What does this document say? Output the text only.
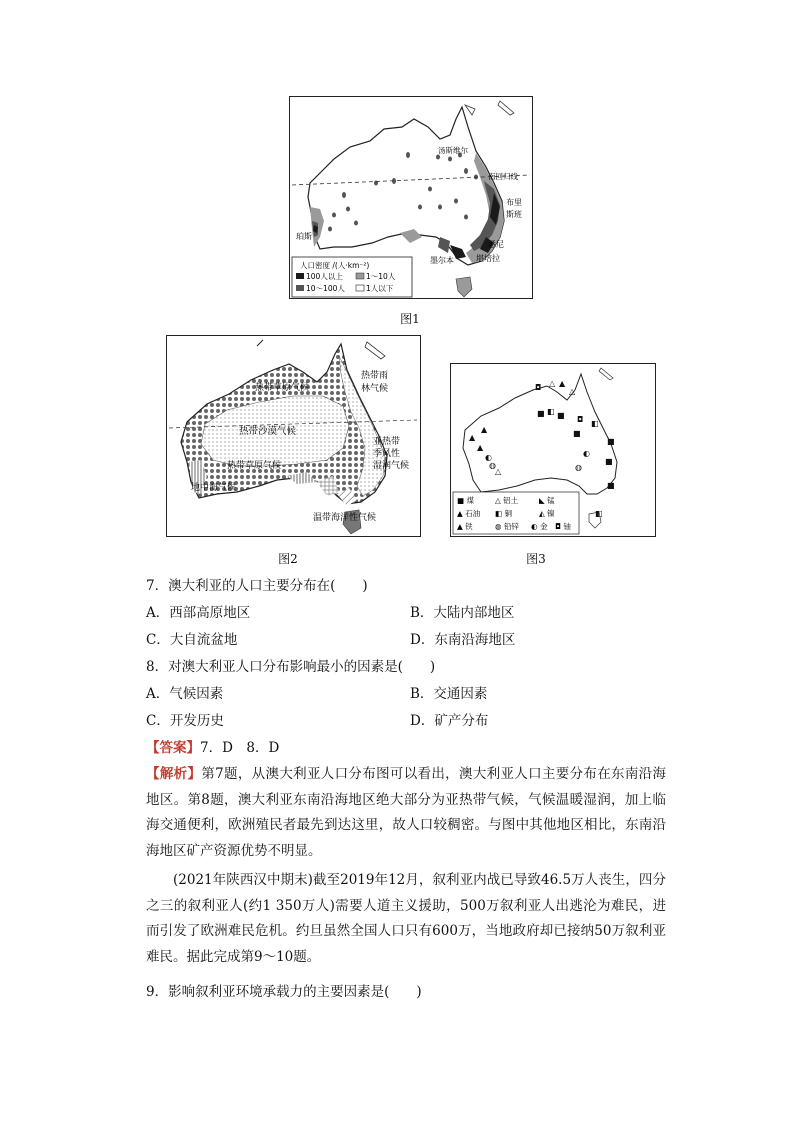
汤斯维尔
南回归线
布里
斯班
珀斯
悉尼
墨尔本	堪培拉
人口密度 /(人·km⁻²)
100人以上	1～10人
10～100人	1人以下
图1
热带草原气候
热带雨
林气候
热带沙漠气候
亚热带
季风性
湿润气候
热带草原气候
地中海气候
温带海洋性气候
图2
◘ △ ▲
△
■ ◧ ■ ◘ ◧
■
■
◐
▲
▲
▲
◐
◍
△	◍
■
■
◧
■ 煤	△ 铝土	◣ 锰
▲ 石油 ◧ 铜	◭ 镍
▲ 铁	◍ 铅锌 ◐ 金 ◘ 铀
图3
7．澳大利亚的人口主要分布在(　　)
A．西部高原地区	B．大陆内部地区
C．大自流盆地	D．东南沿海地区
8．对澳大利亚人口分布影响最小的因素是(　　)
A．气候因素	B．交通因素
C．开发历史	D．矿产分布
【答案】7．D　8．D
【解析】第7题，从澳大利亚人口分布图可以看出，澳大利亚人口主要分布在东南沿海地区。第8题，澳大利亚东南沿海地区绝大部分为亚热带气候，气候温暖湿润，加上临海交通便利，欧洲殖民者最先到达这里，故人口较稠密。与图中其他地区相比，东南沿海地区矿产资源优势不明显。
(2021年陕西汉中期末)截至2019年12月，叙利亚内战已导致46.5万人丧生，四分之三的叙利亚人(约1 350万人)需要人道主义援助，500万叙利亚人出逃沦为难民，进而引发了欧洲难民危机。约旦虽然全国人口只有600万，当地政府却已接纳50万叙利亚难民。据此完成第9～10题。
9．影响叙利亚环境承载力的主要因素是(　　)
